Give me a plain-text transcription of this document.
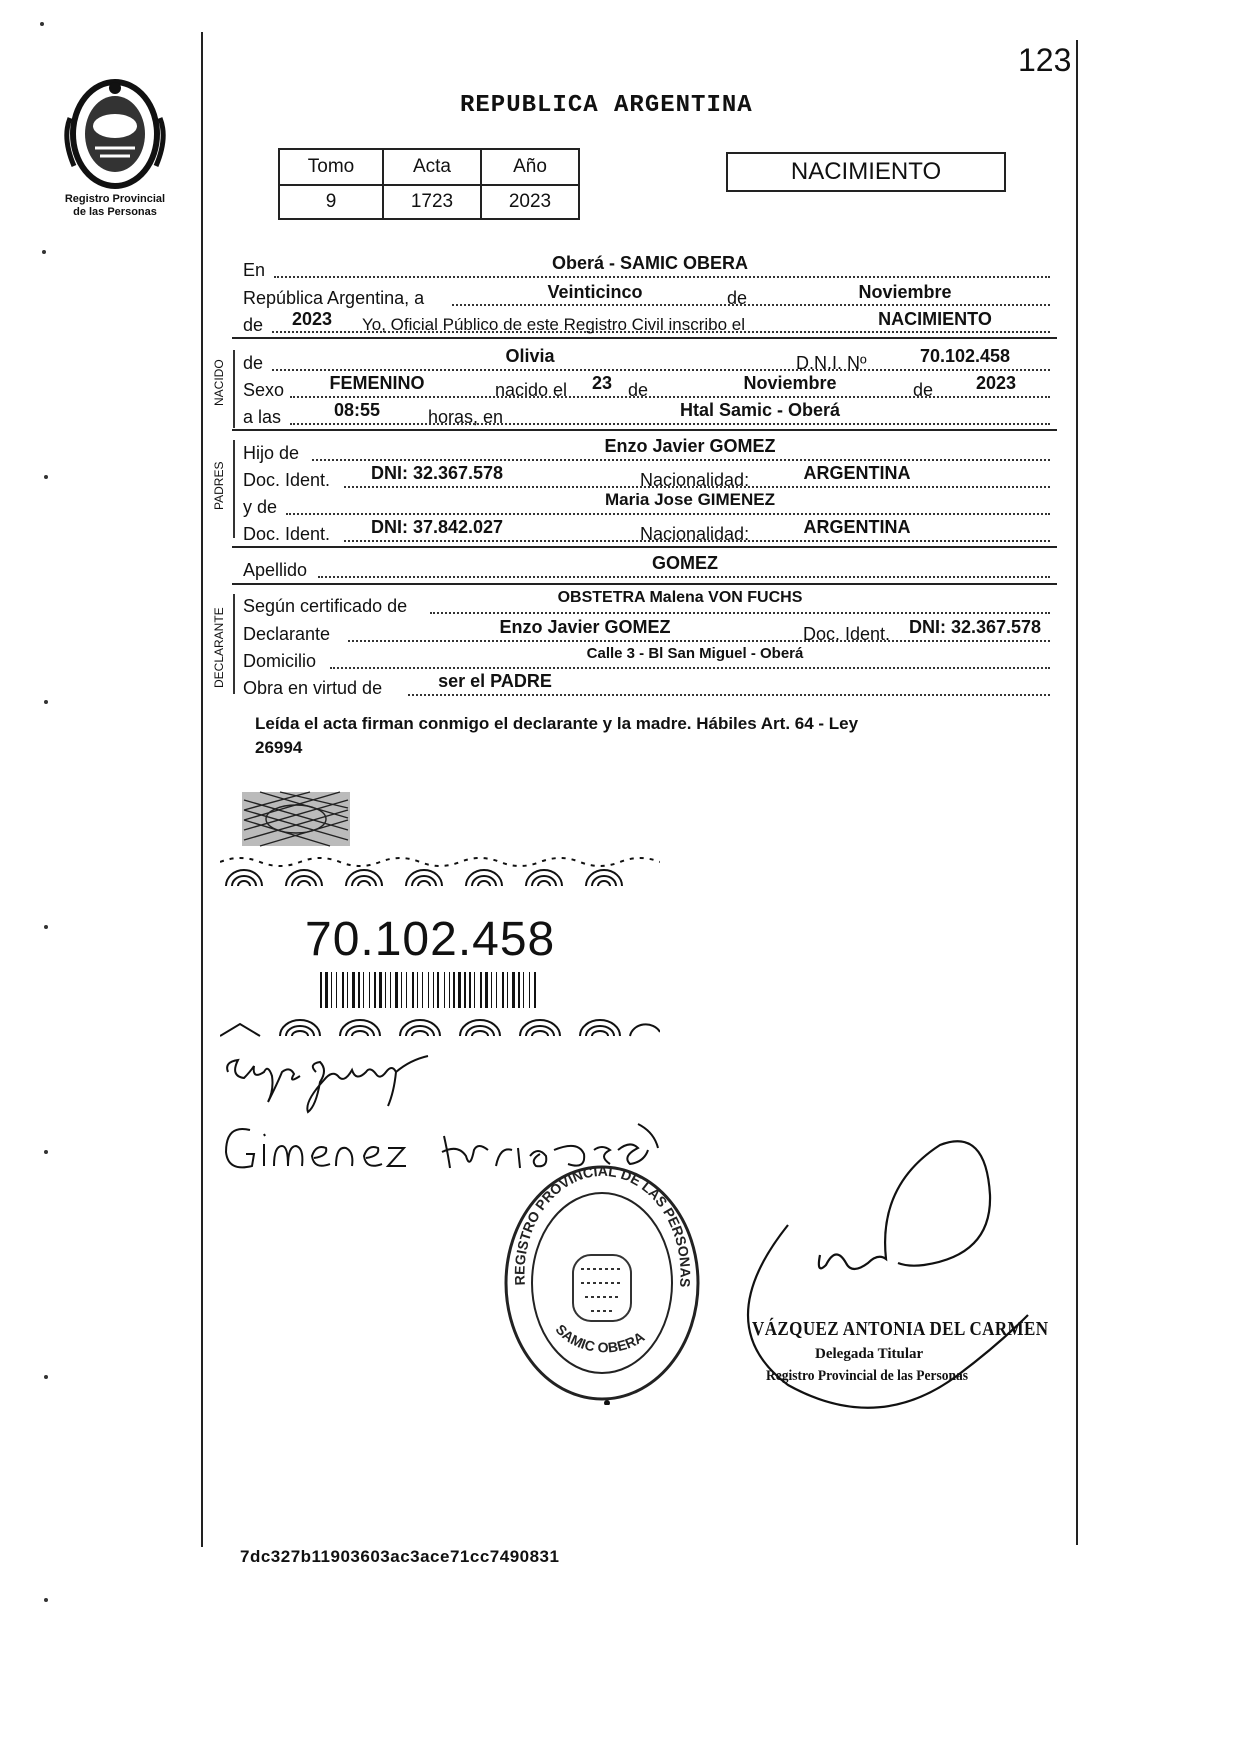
123
Registro Provincial
de las Personas
REPUBLICA ARGENTINA
Tomo	Acta	Año
9	1723	2023
NACIMIENTO
En	Oberá - SAMIC OBERA
República Argentina, a	Veinticinco	de	Noviembre
de	2023	Yo, Oficial Público de este Registro Civil inscribo el	NACIMIENTO
NACIDO de	Olivia	D.N.I. Nº	70.102.458
Sexo	FEMENINO	nacido el	23 de	Noviembre	de	2023
a las	08:55	horas, en	Htal Samic - Oberá
PADRES
Hijo de	Enzo Javier GOMEZ
Doc. Ident.	DNI: 32.367.578	Nacionalidad:	ARGENTINA
y de	Maria Jose GIMENEZ
Doc. Ident.	DNI: 37.842.027	Nacionalidad:	ARGENTINA
Apellido	GOMEZ
DECLARANTE
Según certificado de	OBSTETRA Malena VON FUCHS
Declarante	Enzo Javier GOMEZ	Doc. Ident.	DNI: 32.367.578
Domicilio	Calle 3 - Bl San Miguel - Oberá
Obra en virtud de	ser el PADRE
Leída el acta firman conmigo el declarante y la madre. Hábiles Art. 64 - Ley
26994
70.102.458
REGISTRO PROVINCIAL DE LAS PERSONAS
SAMIC OBERA	VÁZQUEZ ANTONIA DEL CARMEN
Delegada Titular
Registro Provincial de las Personas
7dc327b11903603ac3ace71cc7490831
